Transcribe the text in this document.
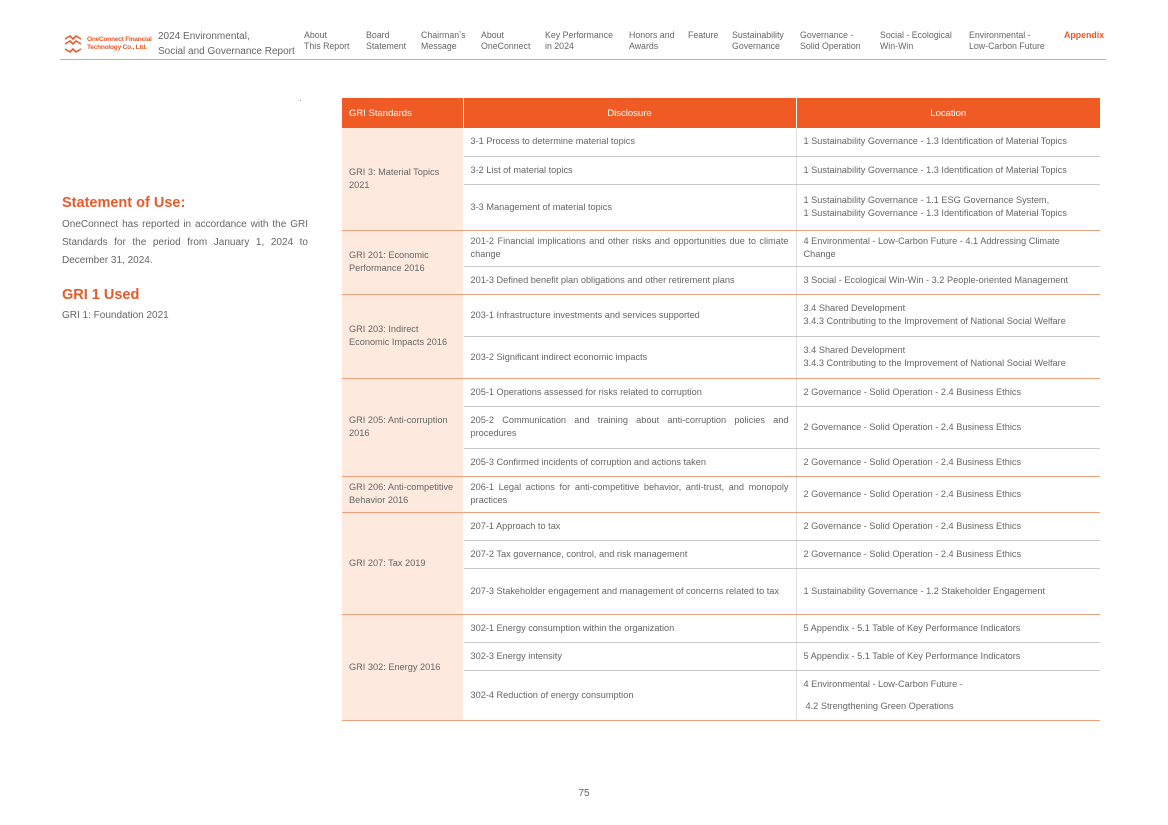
OneConnect Financial
Technology Co., Ltd.
2024 Environmental,
Social and Governance Report
About
This Report
Board
Statement
Chairmanʼs
Message
About
OneConnect
Key Performance
in 2024
Honors and
Awards
Feature Sustainability
Governance
Governance -
Solid Operation
Social - Ecological
Win-Win
Environmental -
Low-Carbon Future
Appendix
Statement of Use:
OneConnect has reported in accordance with the GRI Standards for the period from January 1, 2024 to December 31, 2024.
GRI 1 Used
GRI 1: Foundation 2021
GRI Standards	Disclosure	Location
GRI 3: Material Topics 2021	3-1 Process to determine material topics	1 Sustainability Governance - 1.3 Identification of Material Topics

	3-2 List of material topics	1 Sustainability Governance - 1.3 Identification of Material Topics

	3-3 Management of material topics	1 Sustainability Governance - 1.1 ESG Governance System,
1 Sustainability Governance - 1.3 Identification of Material Topics

GRI 201: Economic Performance 2016	201-2 Financial implications and other risks and opportunities due to climate change	4 Environmental - Low-Carbon Future - 4.1 Addressing Climate Change

	201-3 Defined benefit plan obligations and other retirement plans	3 Social - Ecological Win-Win - 3.2 People-oriented Management

GRI 203: Indirect Economic Impacts 2016	203-1 Infrastructure investments and services supported	3.4 Shared Development
3.4.3 Contributing to the Improvement of National Social Welfare

	203-2 Significant indirect economic impacts	3.4 Shared Development
3.4.3 Contributing to the Improvement of National Social Welfare

GRI 205: Anti-corruption 2016	205-1 Operations assessed for risks related to corruption	2 Governance - Solid Operation - 2.4 Business Ethics

	205-2 Communication and training about anti-corruption policies and procedures	2 Governance - Solid Operation - 2.4 Business Ethics

	205-3 Confirmed incidents of corruption and actions taken	2 Governance - Solid Operation - 2.4 Business Ethics

GRI 206: Anti-competitive Behavior 2016	206-1 Legal actions for anti-competitive behavior, anti-trust, and monopoly practices	2 Governance - Solid Operation - 2.4 Business Ethics

GRI 207: Tax 2019	207-1 Approach to tax	2 Governance - Solid Operation - 2.4 Business Ethics

	207-2 Tax governance, control, and risk management	2 Governance - Solid Operation - 2.4 Business Ethics

	207-3 Stakeholder engagement and management of concerns related to tax	1 Sustainability Governance - 1.2 Stakeholder Engagement

GRI 302: Energy 2016	302-1 Energy consumption within the organization	5 Appendix - 5.1 Table of Key Performance Indicators

	302-3 Energy intensity	5 Appendix - 5.1 Table of Key Performance Indicators

	302-4 Reduction of energy consumption	4 Environmental - Low-Carbon Future -
4.2 Strengthening Green Operations
75
